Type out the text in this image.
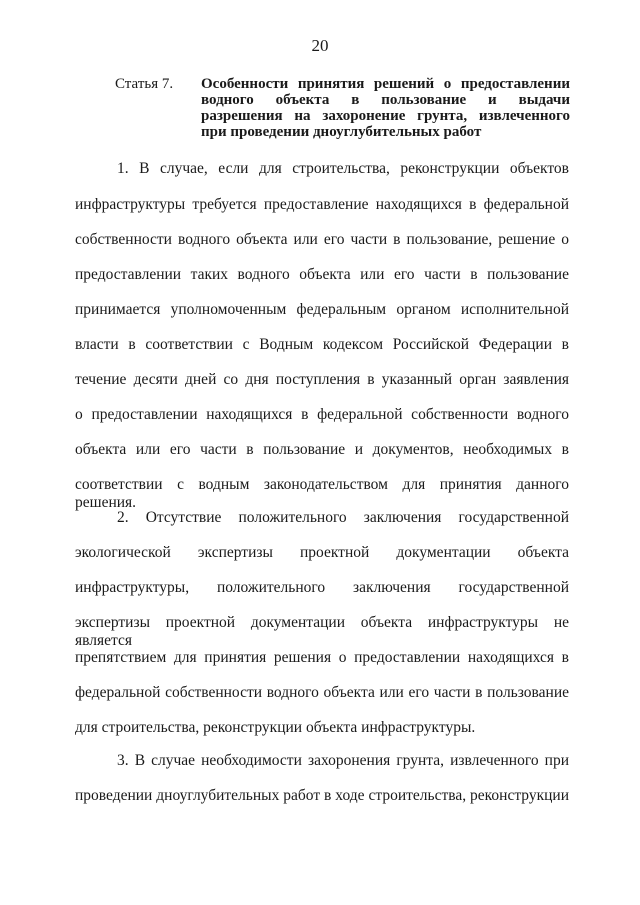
20
Статья 7.	Особенности принятия решений о предоставлении
водного объекта в пользование и выдачи
разрешения на захоронение грунта, извлеченного
при проведении дноуглубительных работ
1. В случае, если для строительства, реконструкции объектов
инфраструктуры требуется предоставление находящихся в федеральной
собственности водного объекта или его части в пользование, решение о
предоставлении таких водного объекта или его части в пользование
принимается уполномоченным федеральным органом исполнительной
власти в соответствии с Водным кодексом Российской Федерации в
течение десяти дней со дня поступления в указанный орган заявления
о предоставлении находящихся в федеральной собственности водного
объекта или его части в пользование и документов, необходимых в
соответствии с водным законодательством для принятия данного решения.
2. Отсутствие положительного заключения государственной
экологической экспертизы проектной документации объекта
инфраструктуры, положительного заключения государственной
экспертизы проектной документации объекта инфраструктуры не является
препятствием для принятия решения о предоставлении находящихся в
федеральной собственности водного объекта или его части в пользование
для строительства, реконструкции объекта инфраструктуры.
3. В случае необходимости захоронения грунта, извлеченного при
проведении дноуглубительных работ в ходе строительства, реконструкции
